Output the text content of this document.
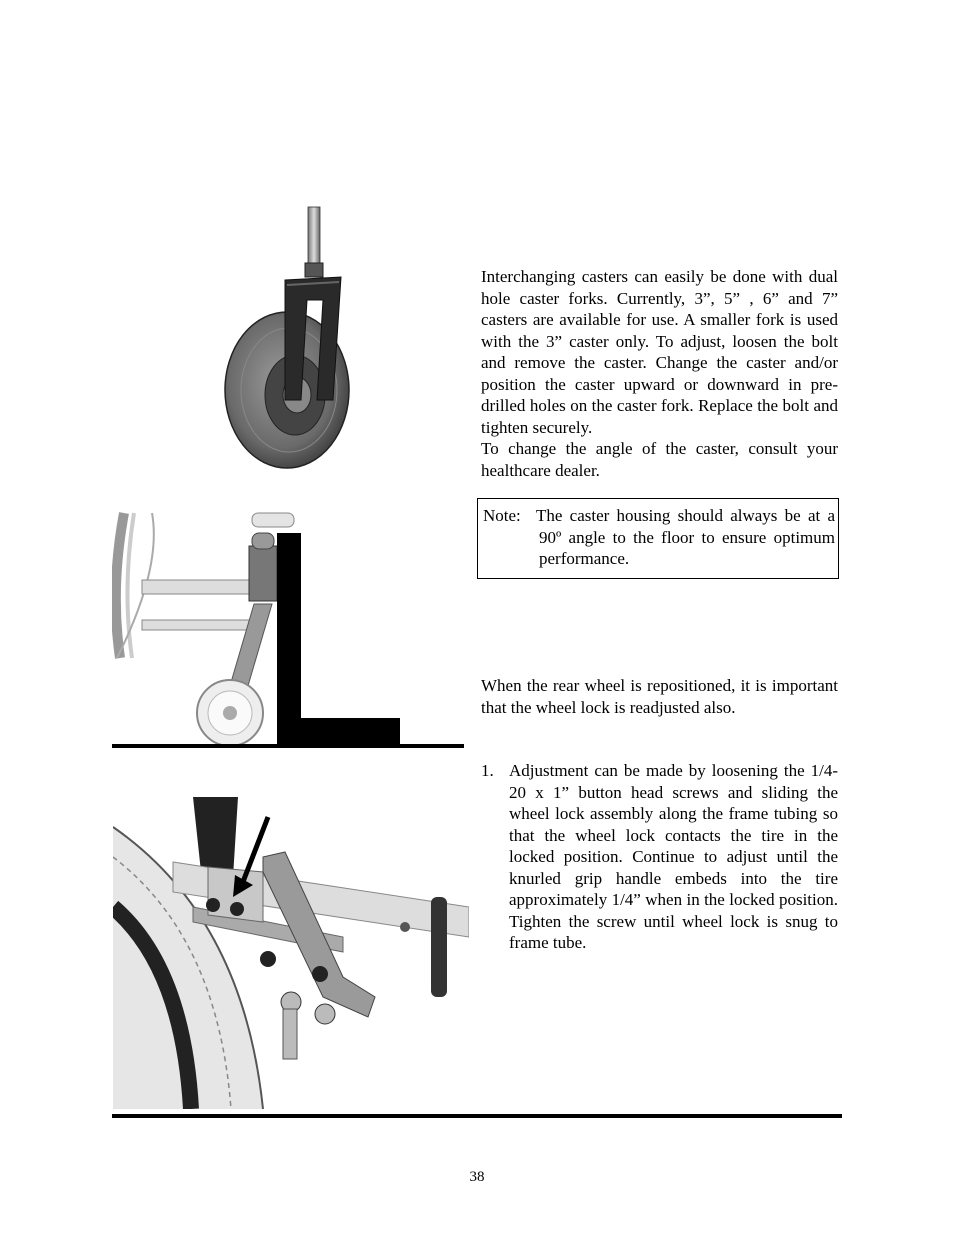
Interchanging casters can easily be done with dual hole caster forks. Currently, 3”, 5” , 6” and 7” casters are available for use. A smaller fork is used with the 3” caster only. To adjust, loosen the bolt and remove the caster. Change the caster and/or position the caster upward or downward in pre-drilled holes on the caster fork. Replace the bolt and tighten securely.

To change the angle of the caster, consult your healthcare dealer.

Note: The caster housing should always be at a 90º angle to the floor to ensure optimum performance.

When the rear wheel is repositioned, it is important that the wheel lock is readjusted also.

1. Adjustment can be made by loosening the 1/4-20 x 1” button head screws and sliding the wheel lock assembly along the frame tubing so that the wheel lock contacts the tire in the locked position. Continue to adjust until the knurled grip handle embeds into the tire approximately 1/4” when in the locked position. Tighten the screw until wheel lock is snug to frame tube.
38
